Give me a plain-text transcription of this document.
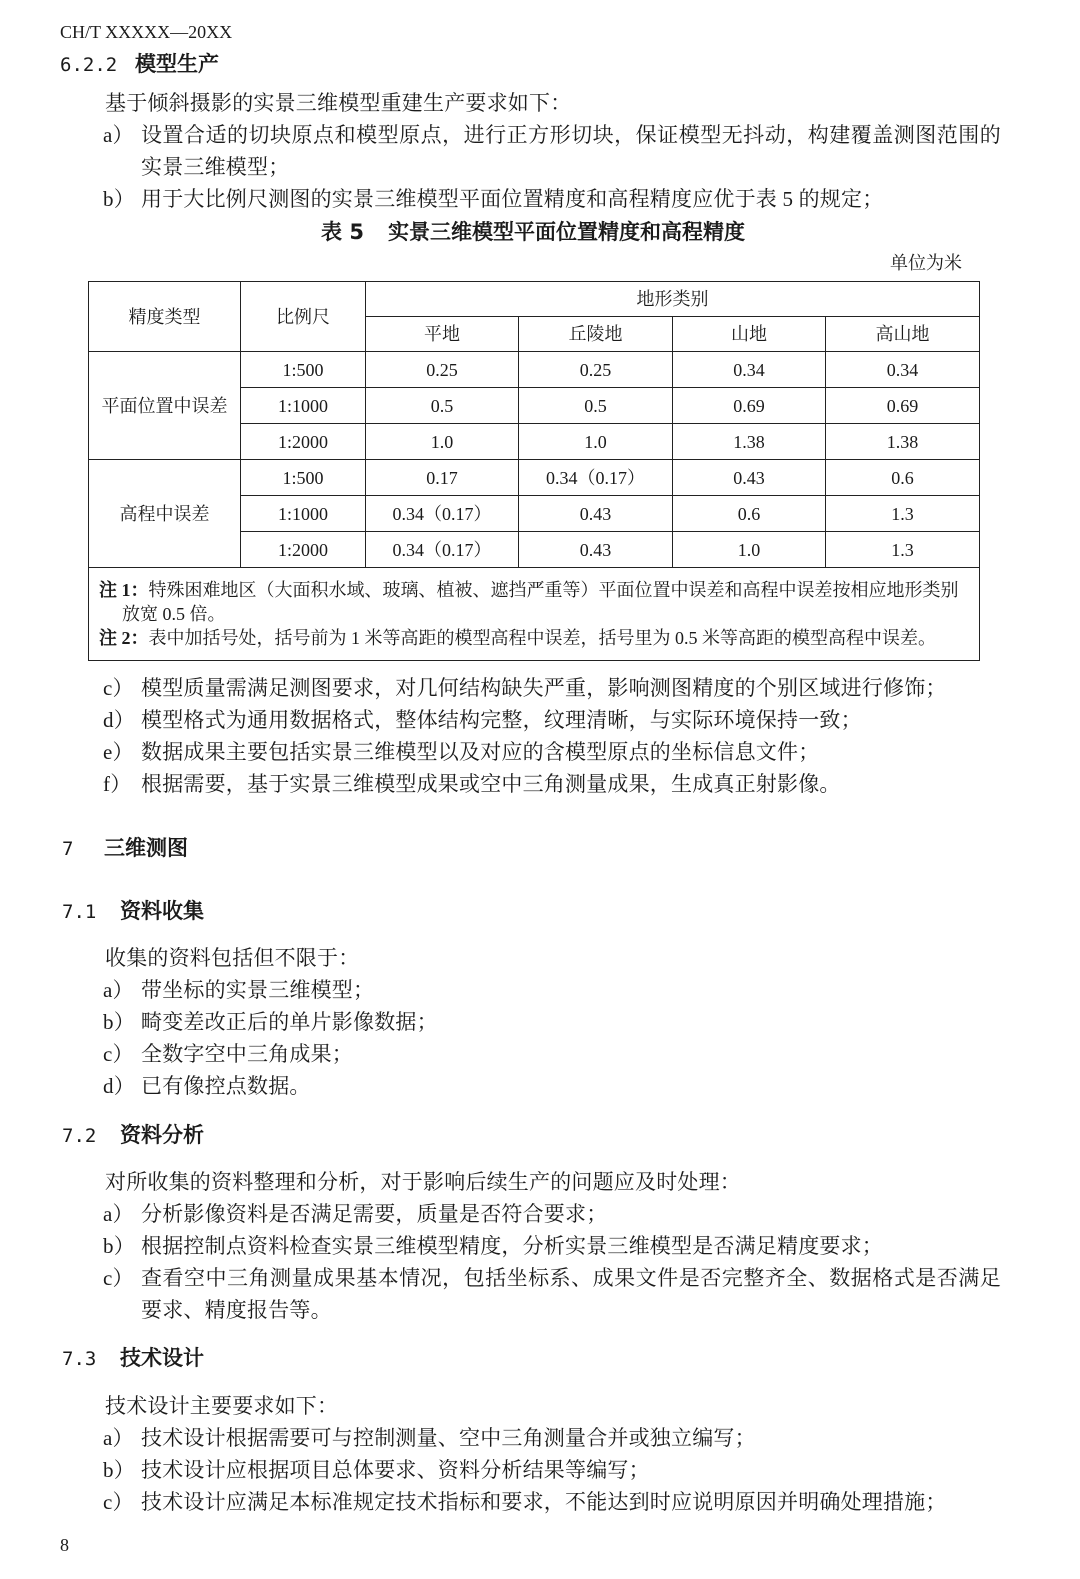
CH/T XXXXX—20XX
6.2.2 模型生产
基于倾斜摄影的实景三维模型重建生产要求如下：
a） 设置合适的切块原点和模型原点，进行正方形切块，保证模型无抖动，构建覆盖测图范围的实景三维模型；
b） 用于大比例尺测图的实景三维模型平面位置精度和高程精度应优于表 5 的规定；
表 5 实景三维模型平面位置精度和高程精度
单位为米
精度类型	比例尺	地形类别			
		平地	丘陵地	山地	高山地
平面位置中误差	1:500	0.25	0.25	0.34	0.34
	1:1000	0.5	0.5	0.69	0.69
	1:2000	1.0	1.0	1.38	1.38
高程中误差	1:500	0.17	0.34（0.17）	0.43	0.6
	1:1000	0.34（0.17）	0.43	0.6	1.3
	1:2000	0.34（0.17）	0.43	1.0	1.3

注 1：特殊困难地区（大面积水域、玻璃、植被、遮挡严重等）平面位置中误差和高程中误差按相应地形类别放宽 0.5 倍。
注 2：表中加括号处，括号前为 1 米等高距的模型高程中误差，括号里为 0.5 米等高距的模型高程中误差。					
c） 模型质量需满足测图要求，对几何结构缺失严重，影响测图精度的个别区域进行修饰；
d） 模型格式为通用数据格式，整体结构完整，纹理清晰，与实际环境保持一致；
e） 数据成果主要包括实景三维模型以及对应的含模型原点的坐标信息文件；
f） 根据需要，基于实景三维模型成果或空中三角测量成果，生成真正射影像。
7 三维测图
7.1 资料收集
收集的资料包括但不限于：
a） 带坐标的实景三维模型；
b） 畸变差改正后的单片影像数据；
c） 全数字空中三角成果；
d） 已有像控点数据。
7.2 资料分析
对所收集的资料整理和分析，对于影响后续生产的问题应及时处理：
a） 分析影像资料是否满足需要，质量是否符合要求；
b） 根据控制点资料检查实景三维模型精度，分析实景三维模型是否满足精度要求；
c） 查看空中三角测量成果基本情况，包括坐标系、成果文件是否完整齐全、数据格式是否满足要求、精度报告等。
7.3 技术设计
技术设计主要要求如下：
a） 技术设计根据需要可与控制测量、空中三角测量合并或独立编写；
b） 技术设计应根据项目总体要求、资料分析结果等编写；
c） 技术设计应满足本标准规定技术指标和要求，不能达到时应说明原因并明确处理措施；
8
